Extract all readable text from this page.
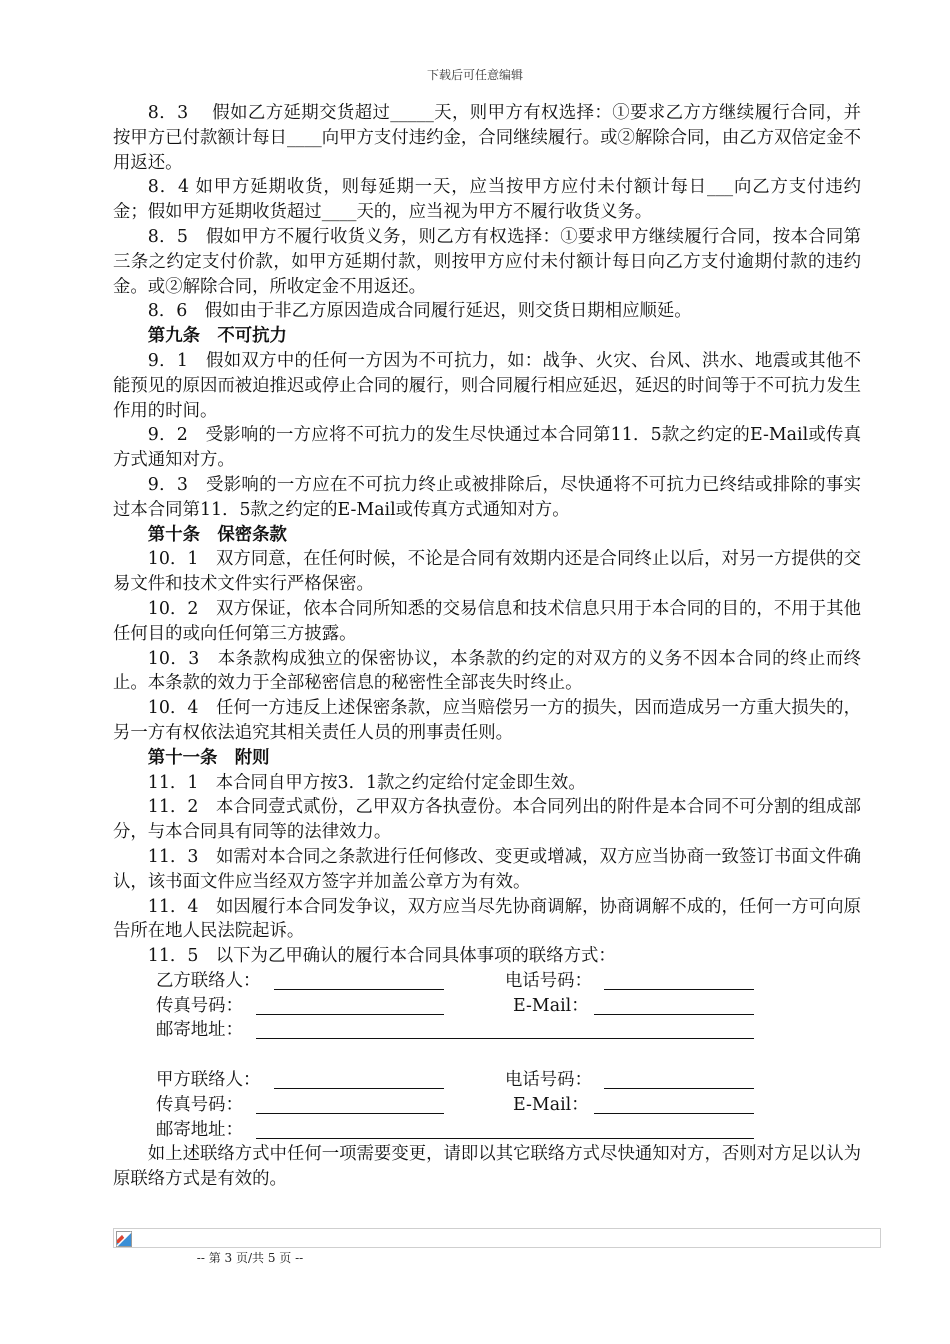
下载后可任意编辑

8．3　 假如乙方延期交货超过_____天，则甲方有权选择：①要求乙方方继续履行合同，并按甲方已付款额计每日____向甲方支付违约金，合同继续履行。或②解除合同，由乙方双倍定金不用返还。

8．4 如甲方延期收货，则每延期一天，应当按甲方应付未付额计每日___向乙方支付违约金；假如甲方延期收货超过____天的，应当视为甲方不履行收货义务。

8．5　假如甲方不履行收货义务，则乙方有权选择：①要求甲方继续履行合同，按本合同第三条之约定支付价款，如甲方延期付款，则按甲方应付未付额计每日向乙方支付逾期付款的违约金。或②解除合同，所收定金不用返还。

8．6　假如由于非乙方原因造成合同履行延迟，则交货日期相应顺延。

第九条　不可抗力

9．1　假如双方中的任何一方因为不可抗力，如：战争、火灾、台风、洪水、地震或其他不能预见的原因而被迫推迟或停止合同的履行，则合同履行相应延迟，延迟的时间等于不可抗力发生作用的时间。

9．2　受影响的一方应将不可抗力的发生尽快通过本合同第11．5款之约定的E-Mail或传真方式通知对方。

9．3　受影响的一方应在不可抗力终止或被排除后，尽快通将不可抗力已终结或排除的事实过本合同第11．5款之约定的E-Mail或传真方式通知对方。

第十条　保密条款

10．1　双方同意，在任何时候，不论是合同有效期内还是合同终止以后，对另一方提供的交易文件和技术文件实行严格保密。

10．2　双方保证，依本合同所知悉的交易信息和技术信息只用于本合同的目的，不用于其他任何目的或向任何第三方披露。

10．3　本条款构成独立的保密协议，本条款的约定的对双方的义务不因本合同的终止而终止。本条款的效力于全部秘密信息的秘密性全部丧失时终止。

10．4　任何一方违反上述保密条款，应当赔偿另一方的损失，因而造成另一方重大损失的，另一方有权依法追究其相关责任人员的刑事责任则。

第十一条　附则

11．1　本合同自甲方按3．1款之约定给付定金即生效。

11．2　本合同壹式贰份，乙甲双方各执壹份。本合同列出的附件是本合同不可分割的组成部分，与本合同具有同等的法律效力。

11．3　如需对本合同之条款进行任何修改、变更或增减，双方应当协商一致签订书面文件确认，该书面文件应当经双方签字并加盖公章方为有效。

11．4　如因履行本合同发争议，双方应当尽先协商调解，协商调解不成的，任何一方可向原告所在地人民法院起诉。

11．5　以下为乙甲确认的履行本合同具体事项的联络方式：

乙方联络人：	电话号码：
传真号码：	E-Mail：
邮寄地址：
甲方联络人：	电话号码：
传真号码：	E-Mail：
邮寄地址：

如上述联络方式中任何一项需要变更，请即以其它联络方式尽快通知对方，否则对方足以认为原联络方式是有效的。

-- 第 3 页/共 5 页 --
